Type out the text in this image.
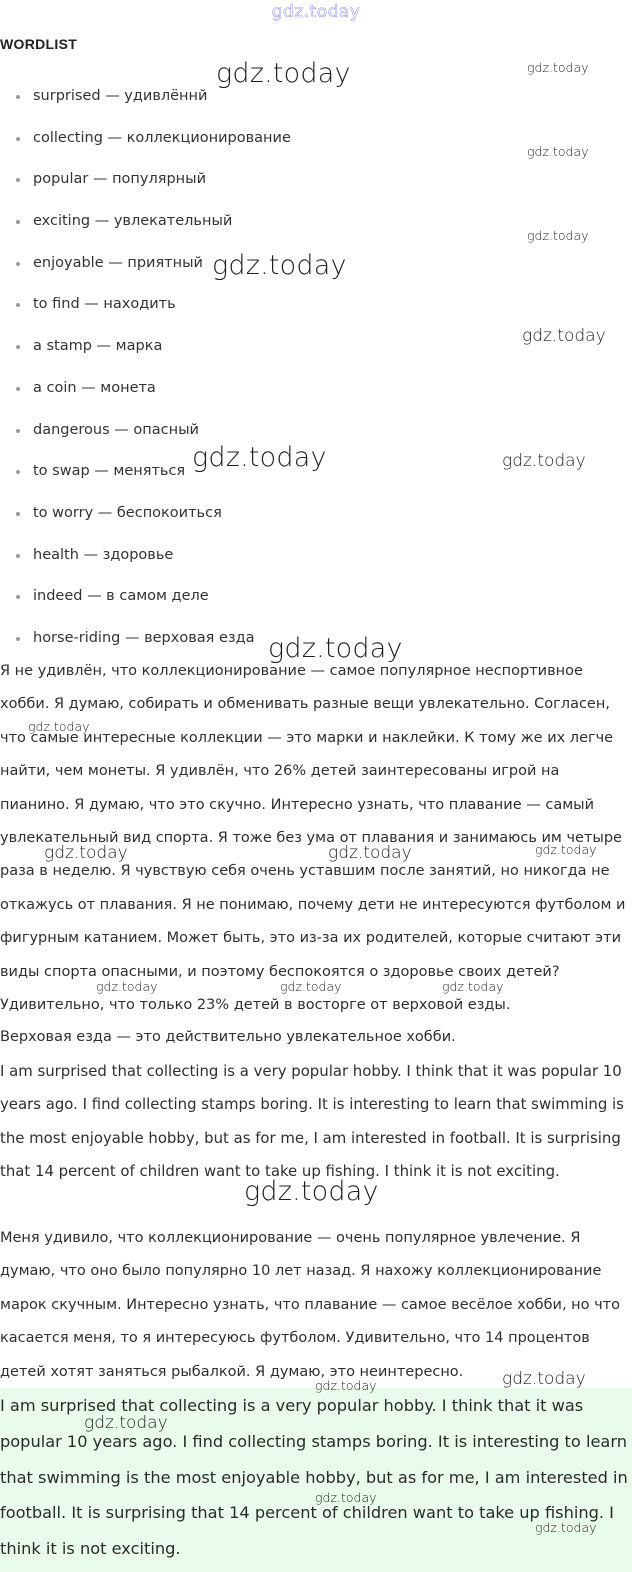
gdz.today
WORDLIST
surprised — удивлённй
collecting — коллекционирование
popular — популярный
exciting — увлекательный
enjoyable — приятный
to find — находить
a stamp — марка
a coin — монета
dangerous — опасный
to swap — меняться
to worry — беспокоиться
health — здоровье
indeed — в самом деле
horse-riding — верховая езда

Я не удивлён, что коллекционирование — самое популярное неспортивное хобби. Я думаю, собирать и обменивать разные вещи увлекательно. Согласен, что самые интересные коллекции — это марки и наклейки. К тому же их легче найти, чем монеты. Я удивлён, что 26% детей заинтересованы игрой на пианино. Я думаю, что это скучно. Интересно узнать, что плавание — самый увлекательный вид спорта. Я тоже без ума от плавания и занимаюсь им четыре раза в неделю. Я чувствую себя очень уставшим после занятий, но никогда не откажусь от плавания. Я не понимаю, почему дети не интересуются футболом и фигурным катанием. Может быть, это из-за их родителей, которые считают эти виды спорта опасными, и поэтому беспокоятся о здоровье своих детей? Удивительно, что только 23% детей в восторге от верховой езды.

Верховая езда — это действительно увлекательное хобби.

I am surprised that collecting is a very popular hobby. I think that it was popular 10 years ago. I find collecting stamps boring. It is interesting to learn that swimming is the most enjoyable hobby, but as for me, I am interested in football. It is surprising that 14 percent of children want to take up fishing. I think it is not exciting.

Меня удивило, что коллекционирование — очень популярное увлечение. Я думаю, что оно было популярно 10 лет назад. Я нахожу коллекционирование марок скучным. Интересно узнать, что плавание — самое весёлое хобби, но что касается меня, то я интересуюсь футболом. Удивительно, что 14 процентов детей хотят заняться рыбалкой. Я думаю, это неинтересно.

I am surprised that collecting is a very popular hobby. I think that it was popular 10 years ago. I find collecting stamps boring. It is interesting to learn that swimming is the most enjoyable hobby, but as for me, I am interested in football. It is surprising that 14 percent of children want to take up fishing. I think it is not exciting.

gdz.today	gdz.today
gdz.today
gdz.today
gdz.today
gdz.today
gdz.today	gdz.today
gdz.today
gdz.today
gdz.today	gdz.today	gdz.today
gdz.today	gdz.today	gdz.today
gdz.today
gdz.today	gdz.today
gdz.today
gdz.today
gdz.today
